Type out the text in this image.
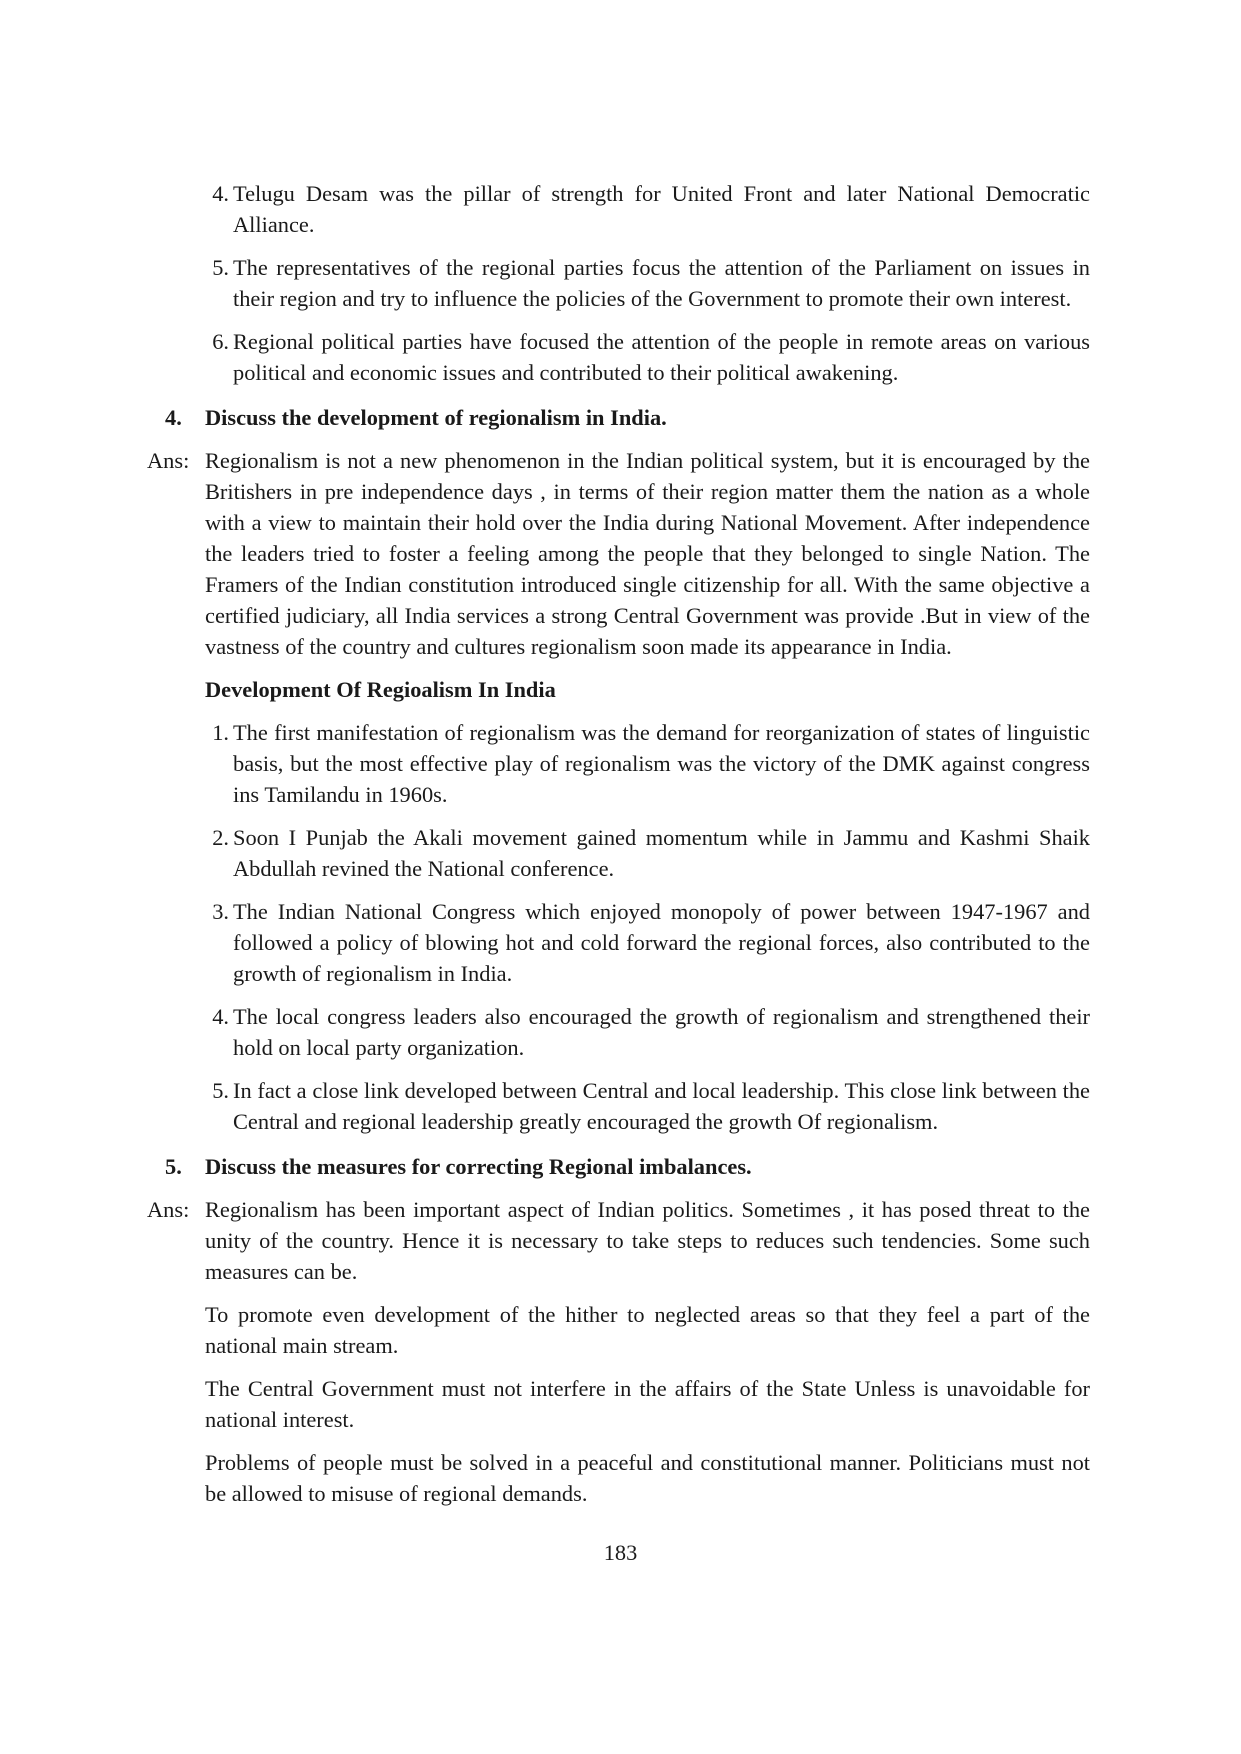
4. Telugu Desam was the pillar of strength for United Front and later National Democratic Alliance.
5. The representatives of the regional parties focus the attention of the Parliament on issues in their region and try to influence the policies of the Government to promote their own interest.
6. Regional political parties have focused the attention of the people in remote areas on various political and economic issues and contributed to their political awakening.
4. Discuss the development of regionalism in India.
Ans: Regionalism is not a new phenomenon in the Indian political system, but it is encouraged by the Britishers in pre independence days , in terms of their region matter them the nation as a whole with a view to maintain their hold over the India during National Movement. After independence the leaders tried to foster a feeling among the people that they belonged to single Nation. The Framers of the Indian constitution introduced single citizenship for all. With the same objective a certified judiciary, all India services a strong Central Government was provide .But in view of the vastness of the country and cultures regionalism soon made its appearance in India.
Development Of Regioalism In India
1. The first manifestation of regionalism was the demand for reorganization of states of linguistic basis, but the most effective play of regionalism was the victory of the DMK against congress ins Tamilandu in 1960s.
2. Soon I Punjab the Akali movement gained momentum while in Jammu and Kashmi Shaik Abdullah revined the National conference.
3. The Indian National Congress which enjoyed monopoly of power between 1947-1967 and followed a policy of blowing hot and cold forward the regional forces, also contributed to the growth of regionalism in India.
4. The local congress leaders also encouraged the growth of regionalism and strengthened their hold on local party organization.
5. In fact a close link developed between Central and local leadership. This close link between the Central and regional leadership greatly encouraged the growth Of regionalism.
5. Discuss the measures for correcting Regional imbalances.
Ans: Regionalism has been important aspect of Indian politics. Sometimes , it has posed threat to the unity of the country. Hence it is necessary to take steps to reduces such tendencies. Some such measures can be.
To promote even development of the hither to neglected areas so that they feel a part of the national main stream.
The Central Government must not interfere in the affairs of the State Unless is unavoidable for national interest.
Problems of people must be solved in a peaceful and constitutional manner. Politicians must not be allowed to misuse of regional demands.
183
